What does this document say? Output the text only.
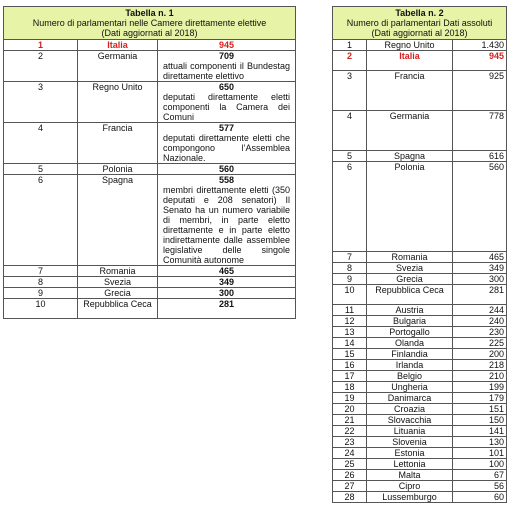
Tabella n. 1
Numero di parlamentari nelle Camere direttamente elettive
(Dati aggiornati al 2018)		

1	Italia	945

2	Germania	709
attuali componenti il Bundestag direttamente elettivo

3	Regno Unito	650
deputati direttamente eletti componenti la Camera dei Comuni

4	Francia	577
deputati direttamente eletti che compongono l’Assemblea Nazionale.

5	Polonia	560

6	Spagna	558
membri direttamente eletti (350 deputati e 208 senatori) Il Senato ha un numero variabile di membri, in parte eletto direttamente e in parte eletto indirettamente dalle assemblee legislative delle singole Comunità autonome

7	Romania	465

8	Svezia	349

9	Grecia	300

10	Repubblica Ceca	281
Tabella n. 2
Numero di parlamentari Dati assoluti
(Dati aggiornati al 2018)		

1	Regno Unito	1.430
2	Italia	945
3	Francia	925
4	Germania	778
5	Spagna	616
6	Polonia	560
7	Romania	465
8	Svezia	349
9	Grecia	300
10	Repubblica Ceca	281
11	Austria	244
12	Bulgaria	240
13	Portogallo	230
14	Olanda	225
15	Finlandia	200
16	Irlanda	218
17	Belgio	210
18	Ungheria	199
19	Danimarca	179
20	Croazia	151
21	Slovacchia	150
22	Lituania	141
23	Slovenia	130
24	Estonia	101
25	Lettonia	100
26	Malta	67
27	Cipro	56
28	Lussemburgo	60
